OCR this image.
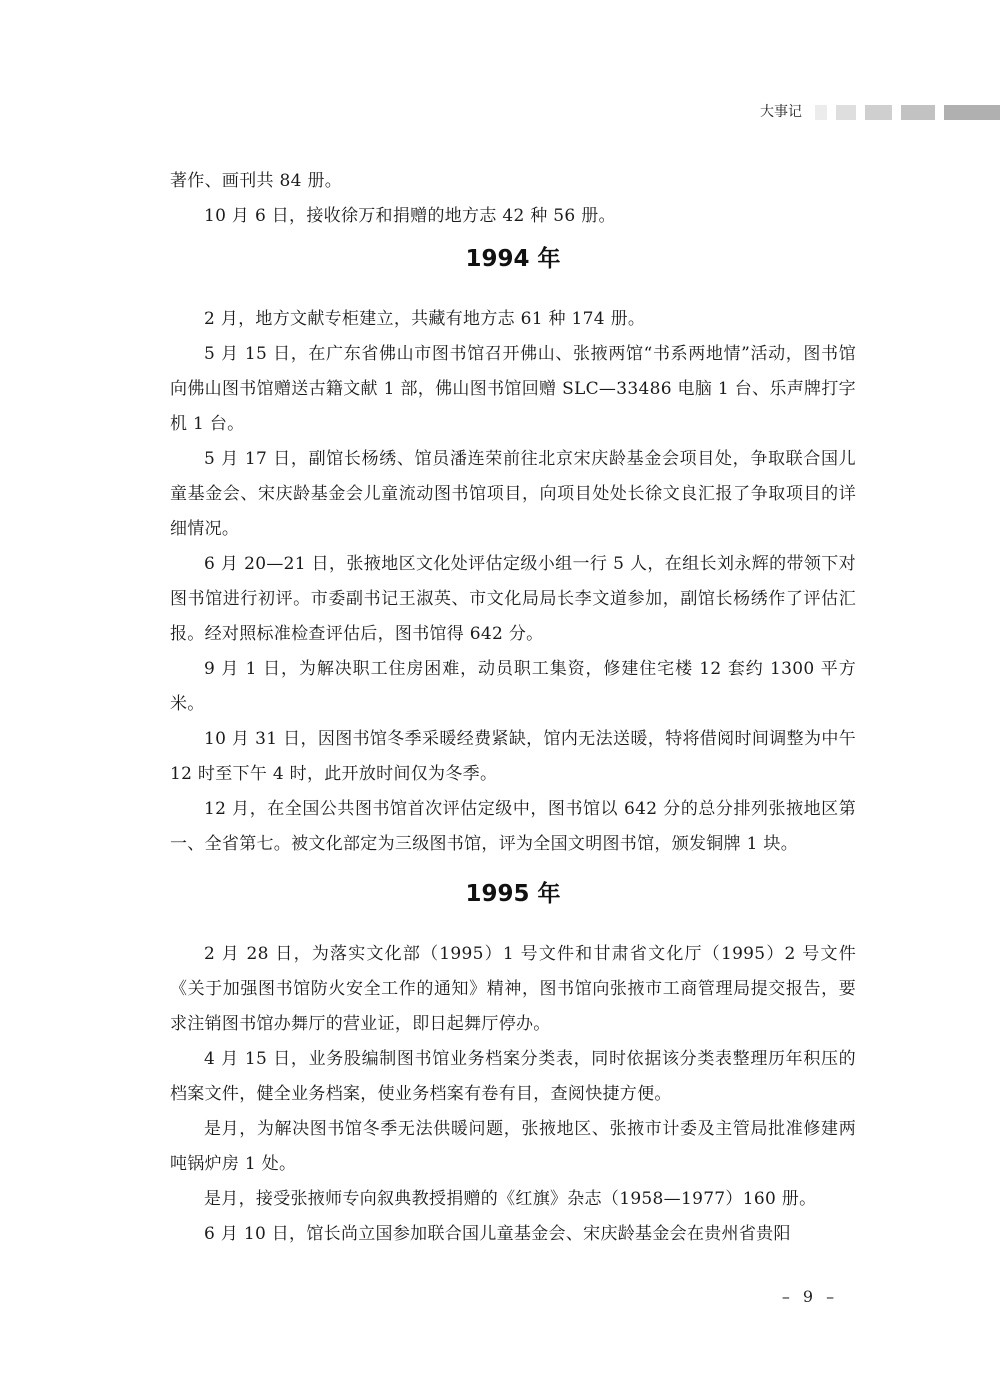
大事记

著作、画刊共 84 册。

10 月 6 日，接收徐万和捐赠的地方志 42 种 56 册。

1994 年

2 月，地方文献专柜建立，共藏有地方志 61 种 174 册。

5 月 15 日，在广东省佛山市图书馆召开佛山、张掖两馆“书系两地情”活动，图书馆向佛山图书馆赠送古籍文献 1 部，佛山图书馆回赠 SLC—33486 电脑 1 台、乐声牌打字机 1 台。

5 月 17 日，副馆长杨绣、馆员潘连荣前往北京宋庆龄基金会项目处，争取联合国儿童基金会、宋庆龄基金会儿童流动图书馆项目，向项目处处长徐文良汇报了争取项目的详细情况。

6 月 20—21 日，张掖地区文化处评估定级小组一行 5 人，在组长刘永辉的带领下对图书馆进行初评。市委副书记王淑英、市文化局局长李文道参加，副馆长杨绣作了评估汇报。经对照标准检查评估后，图书馆得 642 分。

9 月 1 日，为解决职工住房困难，动员职工集资，修建住宅楼 12 套约 1300 平方米。

10 月 31 日，因图书馆冬季采暖经费紧缺，馆内无法送暖，特将借阅时间调整为中午 12 时至下午 4 时，此开放时间仅为冬季。

12 月，在全国公共图书馆首次评估定级中，图书馆以 642 分的总分排列张掖地区第一、全省第七。被文化部定为三级图书馆，评为全国文明图书馆，颁发铜牌 1 块。

1995 年

2 月 28 日，为落实文化部（1995）1 号文件和甘肃省文化厅（1995）2 号文件《关于加强图书馆防火安全工作的通知》精神，图书馆向张掖市工商管理局提交报告，要求注销图书馆办舞厅的营业证，即日起舞厅停办。

4 月 15 日，业务股编制图书馆业务档案分类表，同时依据该分类表整理历年积压的档案文件，健全业务档案，使业务档案有卷有目，查阅快捷方便。

是月，为解决图书馆冬季无法供暖问题，张掖地区、张掖市计委及主管局批准修建两吨锅炉房 1 处。

是月，接受张掖师专向叙典教授捐赠的《红旗》杂志（1958—1977）160 册。

6 月 10 日，馆长尚立国参加联合国儿童基金会、宋庆龄基金会在贵州省贵阳

– 9 –
